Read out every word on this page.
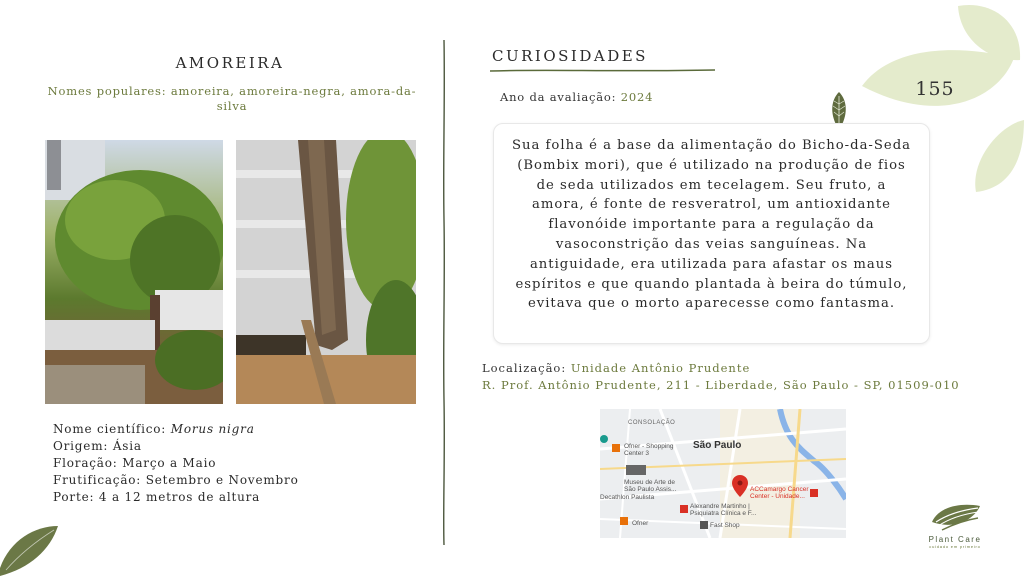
AMOREIRA
Nomes populares: amoreira, amoreira-negra, amora-da-silva
Nome científico: Morus nigra
Origem: Ásia
Floração: Março a Maio
Frutificação: Setembro e Novembro
Porte: 4 a 12 metros de altura
CURIOSIDADES
Ano da avaliação: 2024	155
Sua folha é a base da alimentação do Bicho-da-Seda (Bombix mori), que é utilizado na produção de fios de seda utilizados em tecelagem. Seu fruto, a amora, é fonte de resveratrol, um antioxidante flavonóide importante para a regulação da vasoconstrição das veias sanguíneas. Na antiguidade, era utilizada para afastar os maus espíritos e que quando plantada à beira do túmulo, evitava que o morto aparecesse como fantasma.
Localização: Unidade Antônio Prudente
R. Prof. Antônio Prudente, 211 - Liberdade, São Paulo - SP, 01509-010
CONSOLAÇÃO
São Paulo
Ofner - Shopping Center 3
Museu de Arte de São Paulo Assis...
Decathlon Paulista
ACCamargo Cancer Center - Unidade...
Alexandre Martinho | Psiquiatra Clínica e F...
Ofner	Fast Shop
Plant Care
cuidado em primeiro
